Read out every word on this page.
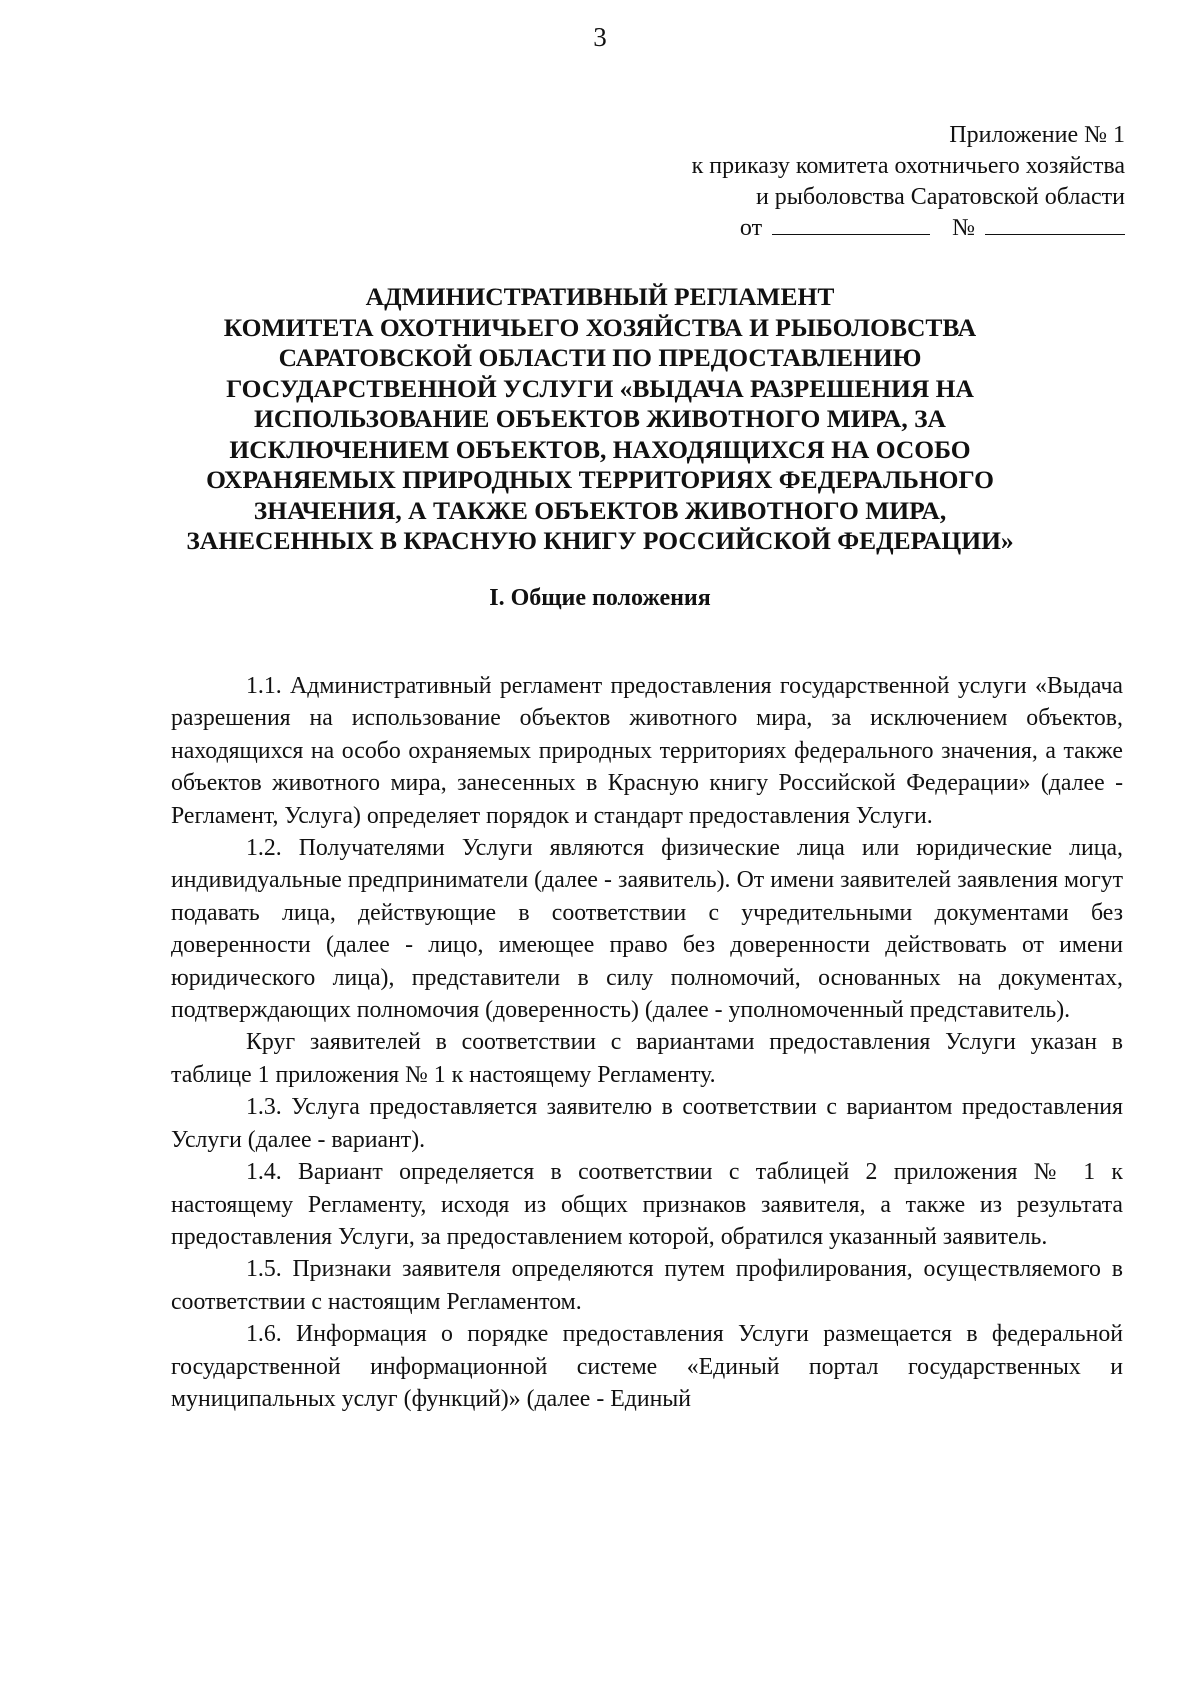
3
Приложение № 1
к приказу комитета охотничьего хозяйства
и рыболовства Саратовской области
от	№
АДМИНИСТРАТИВНЫЙ РЕГЛАМЕНТ
КОМИТЕТА ОХОТНИЧЬЕГО ХОЗЯЙСТВА И РЫБОЛОВСТВА
САРАТОВСКОЙ ОБЛАСТИ ПО ПРЕДОСТАВЛЕНИЮ
ГОСУДАРСТВЕННОЙ УСЛУГИ «ВЫДАЧА РАЗРЕШЕНИЯ НА
ИСПОЛЬЗОВАНИЕ ОБЪЕКТОВ ЖИВОТНОГО МИРА, ЗА
ИСКЛЮЧЕНИЕМ ОБЪЕКТОВ, НАХОДЯЩИХСЯ НА ОСОБО
ОХРАНЯЕМЫХ ПРИРОДНЫХ ТЕРРИТОРИЯХ ФЕДЕРАЛЬНОГО
ЗНАЧЕНИЯ, А ТАКЖЕ ОБЪЕКТОВ ЖИВОТНОГО МИРА,
ЗАНЕСЕННЫХ В КРАСНУЮ КНИГУ РОССИЙСКОЙ ФЕДЕРАЦИИ»
I. Общие положения

1.1. Административный регламент предоставления государственной услуги «Выдача разрешения на использование объектов животного мира, за исключением объектов, находящихся на особо охраняемых природных территориях федерального значения, а также объектов животного мира, занесенных в Красную книгу Российской Федерации» (далее - Регламент, Услуга) определяет порядок и стандарт предоставления Услуги.

1.2. Получателями Услуги являются физические лица или юридические лица, индивидуальные предприниматели (далее - заявитель). От имени заявителей заявления могут подавать лица, действующие в соответствии с учредительными документами без доверенности (далее - лицо, имеющее право без доверенности действовать от имени юридического лица), представители в силу полномочий, основанных на документах, подтверждающих полномочия (доверенность) (далее - уполномоченный представитель).

Круг заявителей в соответствии с вариантами предоставления Услуги указан в таблице 1 приложения № 1 к настоящему Регламенту.

1.3. Услуга предоставляется заявителю в соответствии с вариантом предоставления Услуги (далее - вариант).

1.4. Вариант определяется в соответствии с таблицей 2 приложения № 1 к настоящему Регламенту, исходя из общих признаков заявителя, а также из результата предоставления Услуги, за предоставлением которой, обратился указанный заявитель.

1.5. Признаки заявителя определяются путем профилирования, осуществляемого в соответствии с настоящим Регламентом.

1.6. Информация о порядке предоставления Услуги размещается в федеральной государственной информационной системе «Единый портал государственных и муниципальных услуг (функций)» (далее - Единый
